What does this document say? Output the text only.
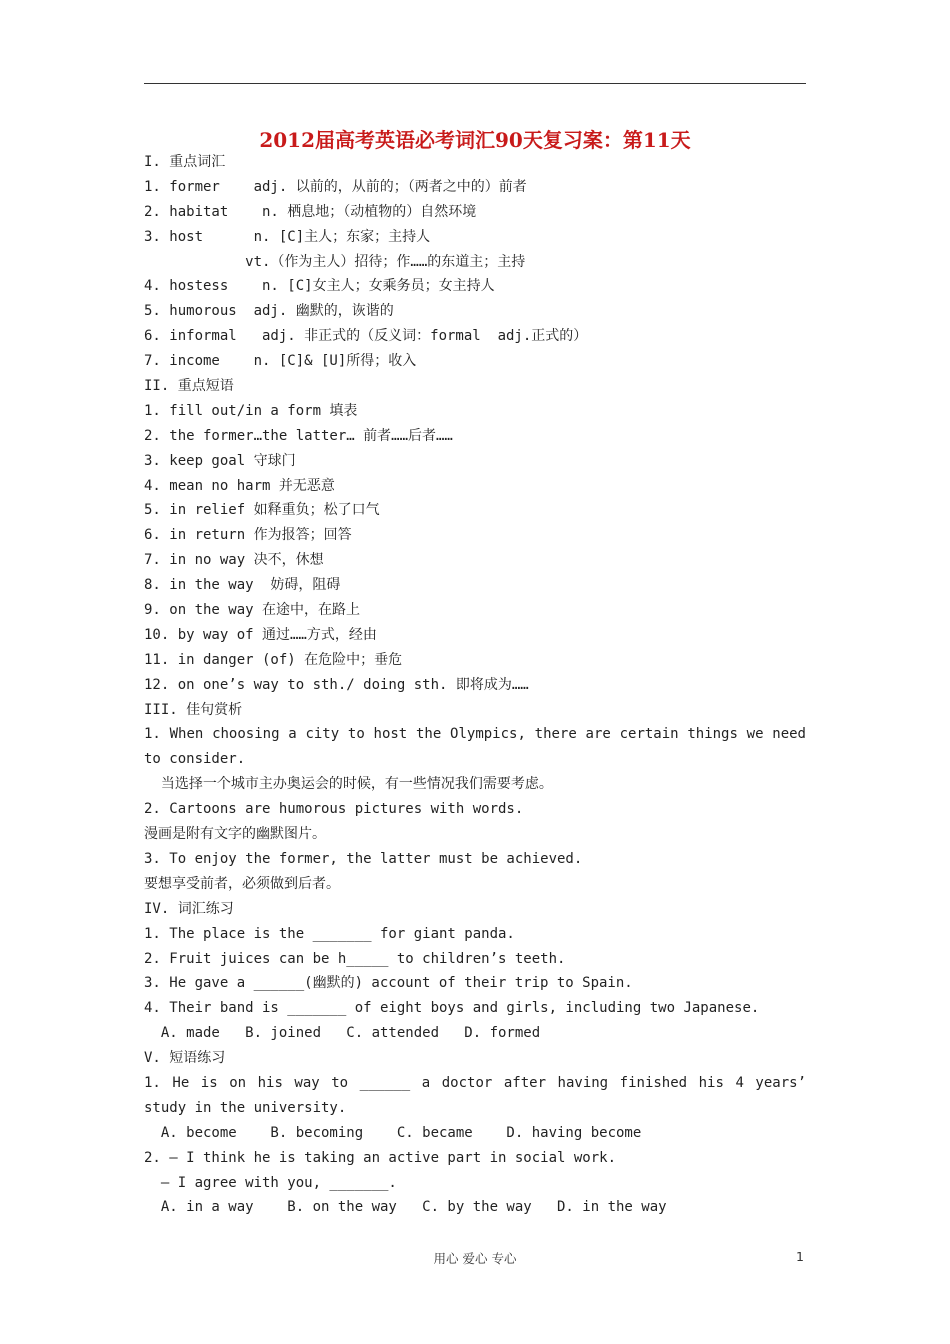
2012届高考英语必考词汇90天复习案：第11天
I. 重点词汇
1. former    adj. 以前的，从前的；（两者之中的）前者
2. habitat    n. 栖息地；（动植物的）自然环境
3. host      n. [C]主人；东家；主持人
vt.（作为主人）招待；作……的东道主；主持
4. hostess    n. [C]女主人；女乘务员；女主持人
5. humorous  adj. 幽默的，诙谐的
6. informal   adj. 非正式的（反义词：formal  adj.正式的）
7. income    n. [C]& [U]所得；收入
II. 重点短语
1. fill out/in a form 填表
2. the former…the latter… 前者……后者……
3. keep goal 守球门
4. mean no harm 并无恶意
5. in relief 如释重负；松了口气
6. in return 作为报答；回答
7. in no way 决不，休想
8. in the way  妨碍，阻碍
9. on the way 在途中，在路上
10. by way of 通过……方式，经由
11. in danger (of) 在危险中；垂危
12. on one’s way to sth./ doing sth. 即将成为……
III. 佳句赏析
1. When choosing a city to host the Olympics, there are certain things we need
to consider.
当选择一个城市主办奥运会的时候，有一些情况我们需要考虑。
2. Cartoons are humorous pictures with words.
漫画是附有文字的幽默图片。
3. To enjoy the former, the latter must be achieved.
要想享受前者，必须做到后者。
IV. 词汇练习
1. The place is the _______ for giant panda.
2. Fruit juices can be h_____ to children’s teeth.
3. He gave a ______(幽默的) account of their trip to Spain.
4. Their band is _______ of eight boys and girls, including two Japanese.
A. made   B. joined   C. attended   D. formed
V. 短语练习
1. He is on his way to ______ a doctor after having finished his 4 years’
study in the university.
A. become    B. becoming    C. became    D. having become
2. – I think he is taking an active part in social work.
– I agree with you, _______.
A. in a way    B. on the way   C. by the way   D. in the way
用心 爱心 专心	1
